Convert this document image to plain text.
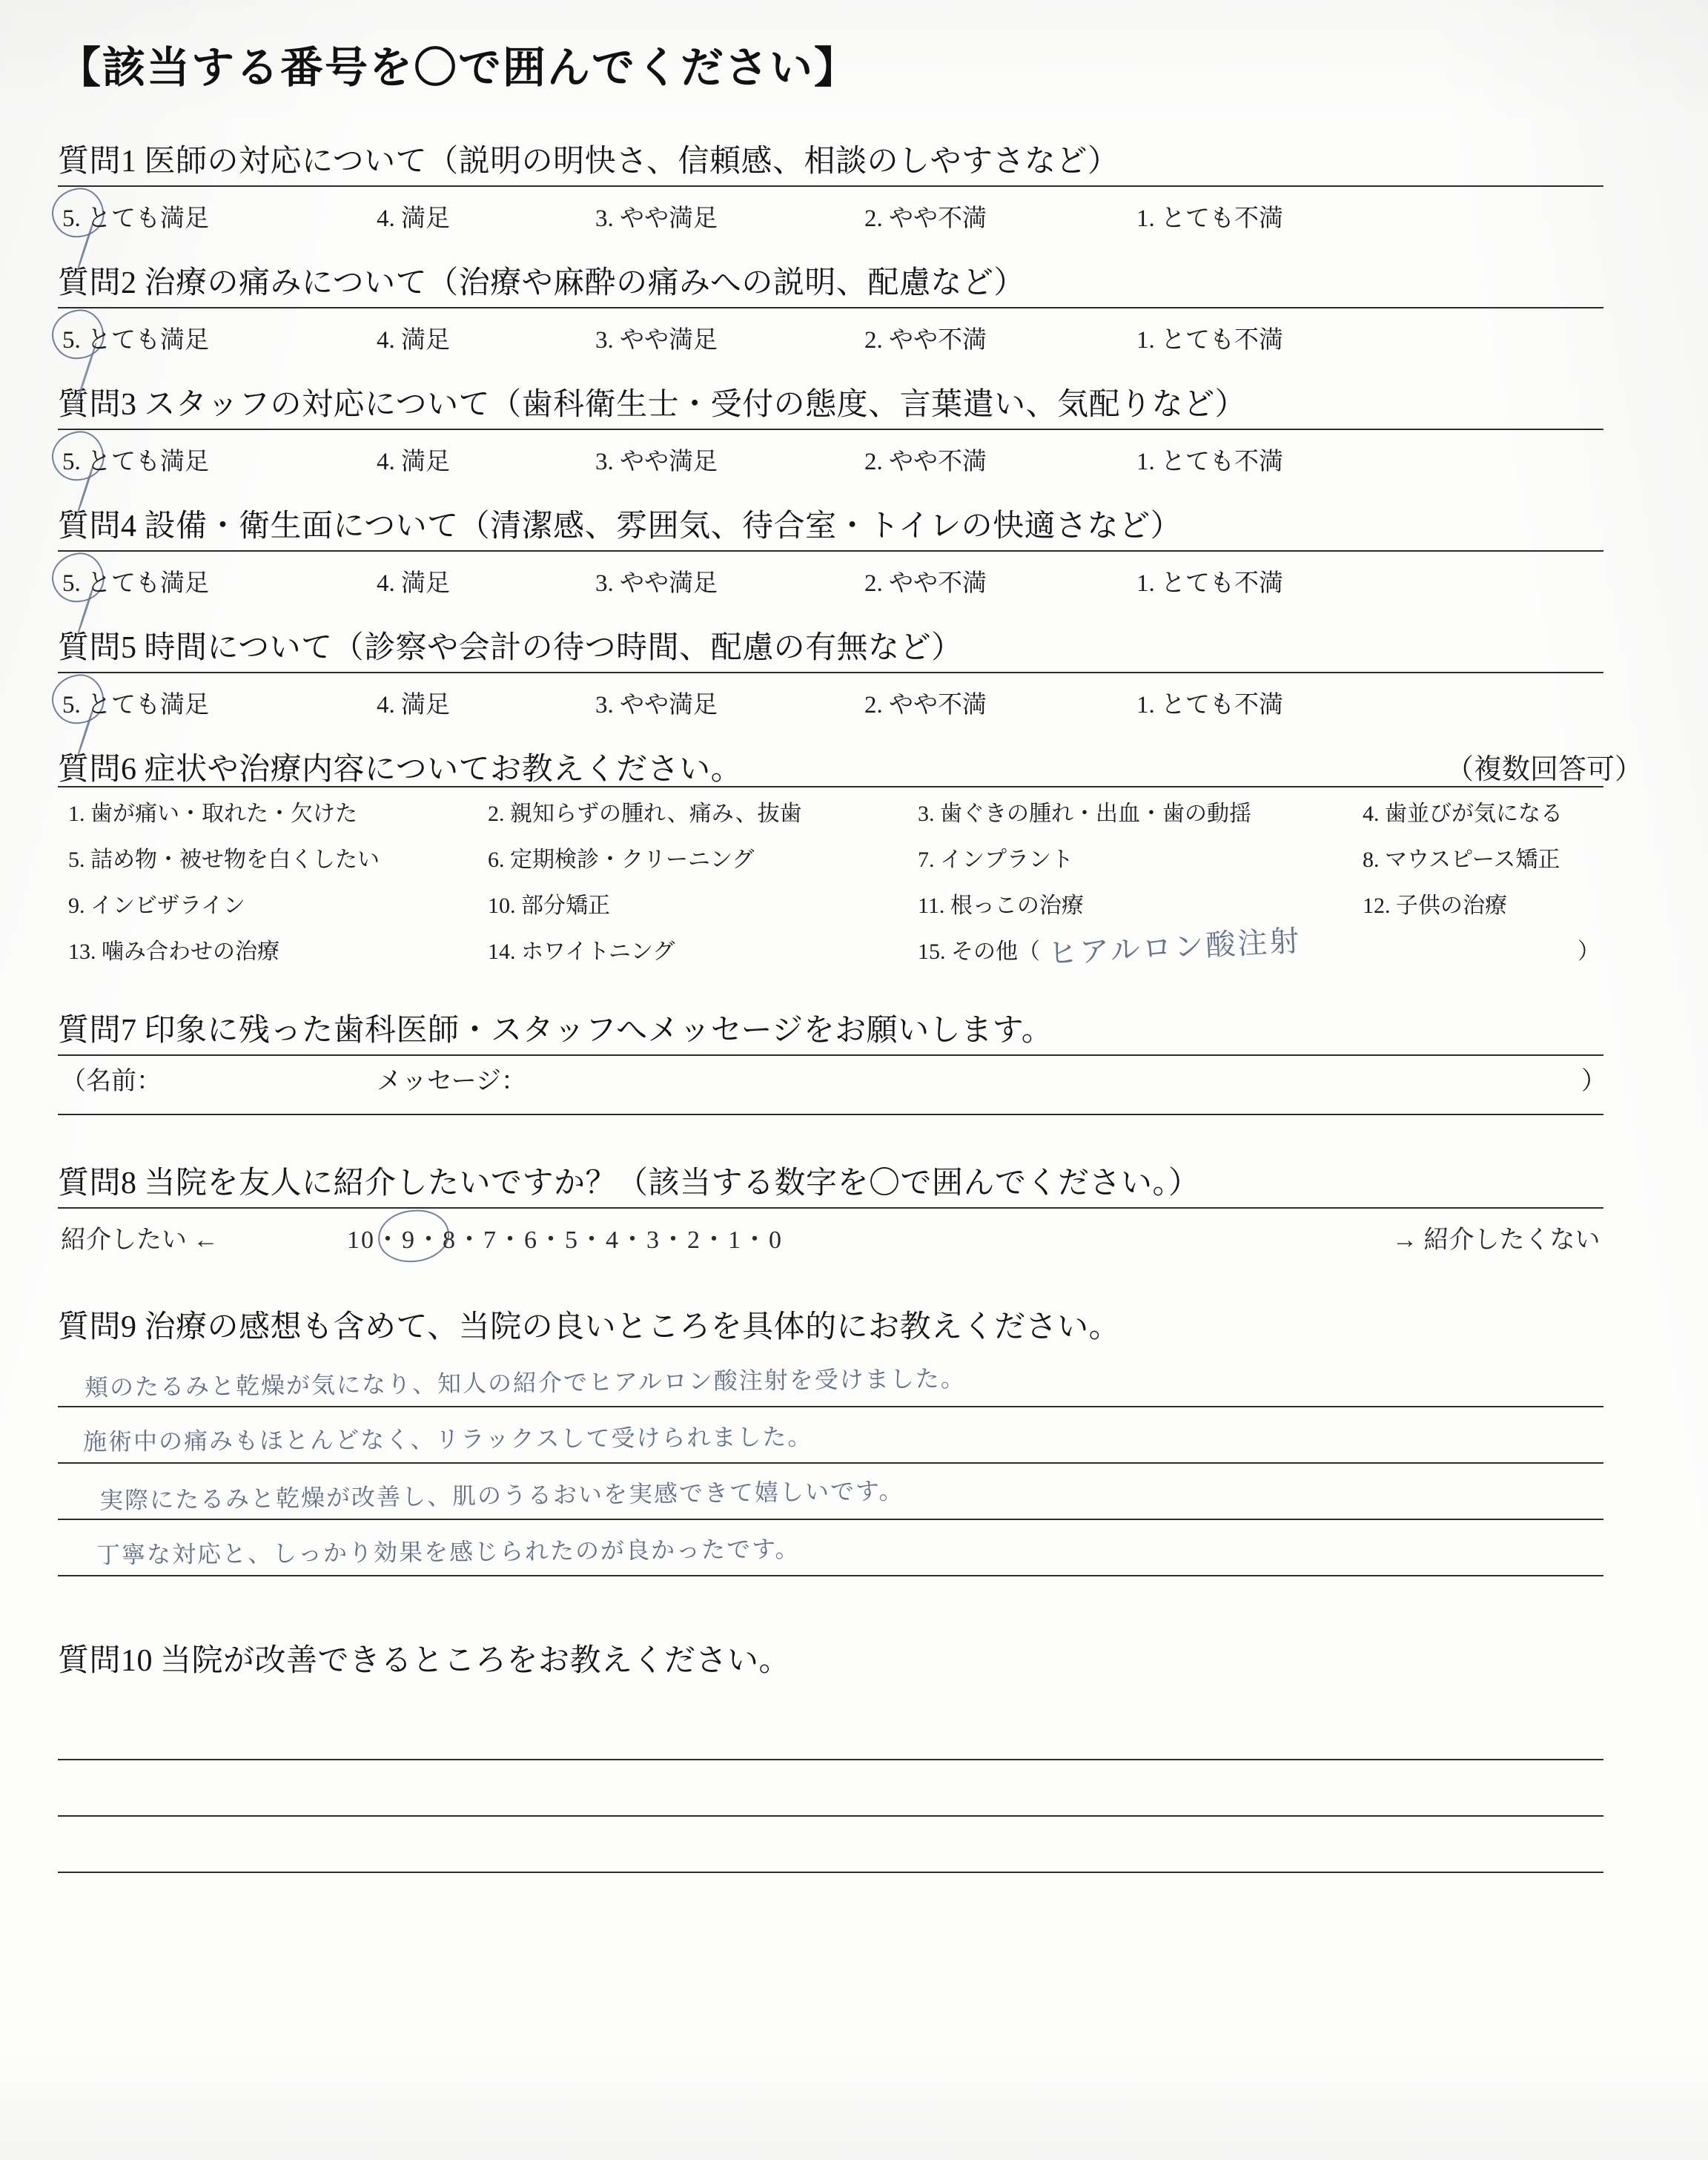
【該当する番号を〇で囲んでください】
質問1 医師の対応について（説明の明快さ、信頼感、相談のしやすさなど）
5. とても満足	4. 満足	3. やや満足	2. やや不満	1. とても不満
質問2 治療の痛みについて（治療や麻酔の痛みへの説明、配慮など）
5. とても満足	4. 満足	3. やや満足	2. やや不満	1. とても不満
質問3 スタッフの対応について（歯科衛生士・受付の態度、言葉遣い、気配りなど）
5. とても満足	4. 満足	3. やや満足	2. やや不満	1. とても不満
質問4 設備・衛生面について（清潔感、雰囲気、待合室・トイレの快適さなど）
5. とても満足	4. 満足	3. やや満足	2. やや不満	1. とても不満
質問5 時間について（診察や会計の待つ時間、配慮の有無など）
5. とても満足	4. 満足	3. やや満足	2. やや不満	1. とても不満
質問6 症状や治療内容についてお教えください。	（複数回答可）
1. 歯が痛い・取れた・欠けた	2. 親知らずの腫れ、痛み、抜歯	3. 歯ぐきの腫れ・出血・歯の動揺	4. 歯並びが気になる
5. 詰め物・被せ物を白くしたい	6. 定期検診・クリーニング	7. インプラント	8. マウスピース矯正
9. インビザライン	10. 部分矯正	11. 根っこの治療	12. 子供の治療
13. 噛み合わせの治療	14. ホワイトニング	15. その他（ ヒアルロン酸注射	）
質問7 印象に残った歯科医師・スタッフへメッセージをお願いします。
（名前：	メッセージ：	）
質問8 当院を友人に紹介したいですか？（該当する数字を〇で囲んでください。）
紹介したい ←	10・9・8・7・6・5・4・3・2・1・0	→ 紹介したくない
質問9 治療の感想も含めて、当院の良いところを具体的にお教えください。
頬のたるみと乾燥が気になり、知人の紹介でヒアルロン酸注射を受けました。
施術中の痛みもほとんどなく、リラックスして受けられました。
実際にたるみと乾燥が改善し、肌のうるおいを実感できて嬉しいです。
丁寧な対応と、しっかり効果を感じられたのが良かったです。
質問10 当院が改善できるところをお教えください。
